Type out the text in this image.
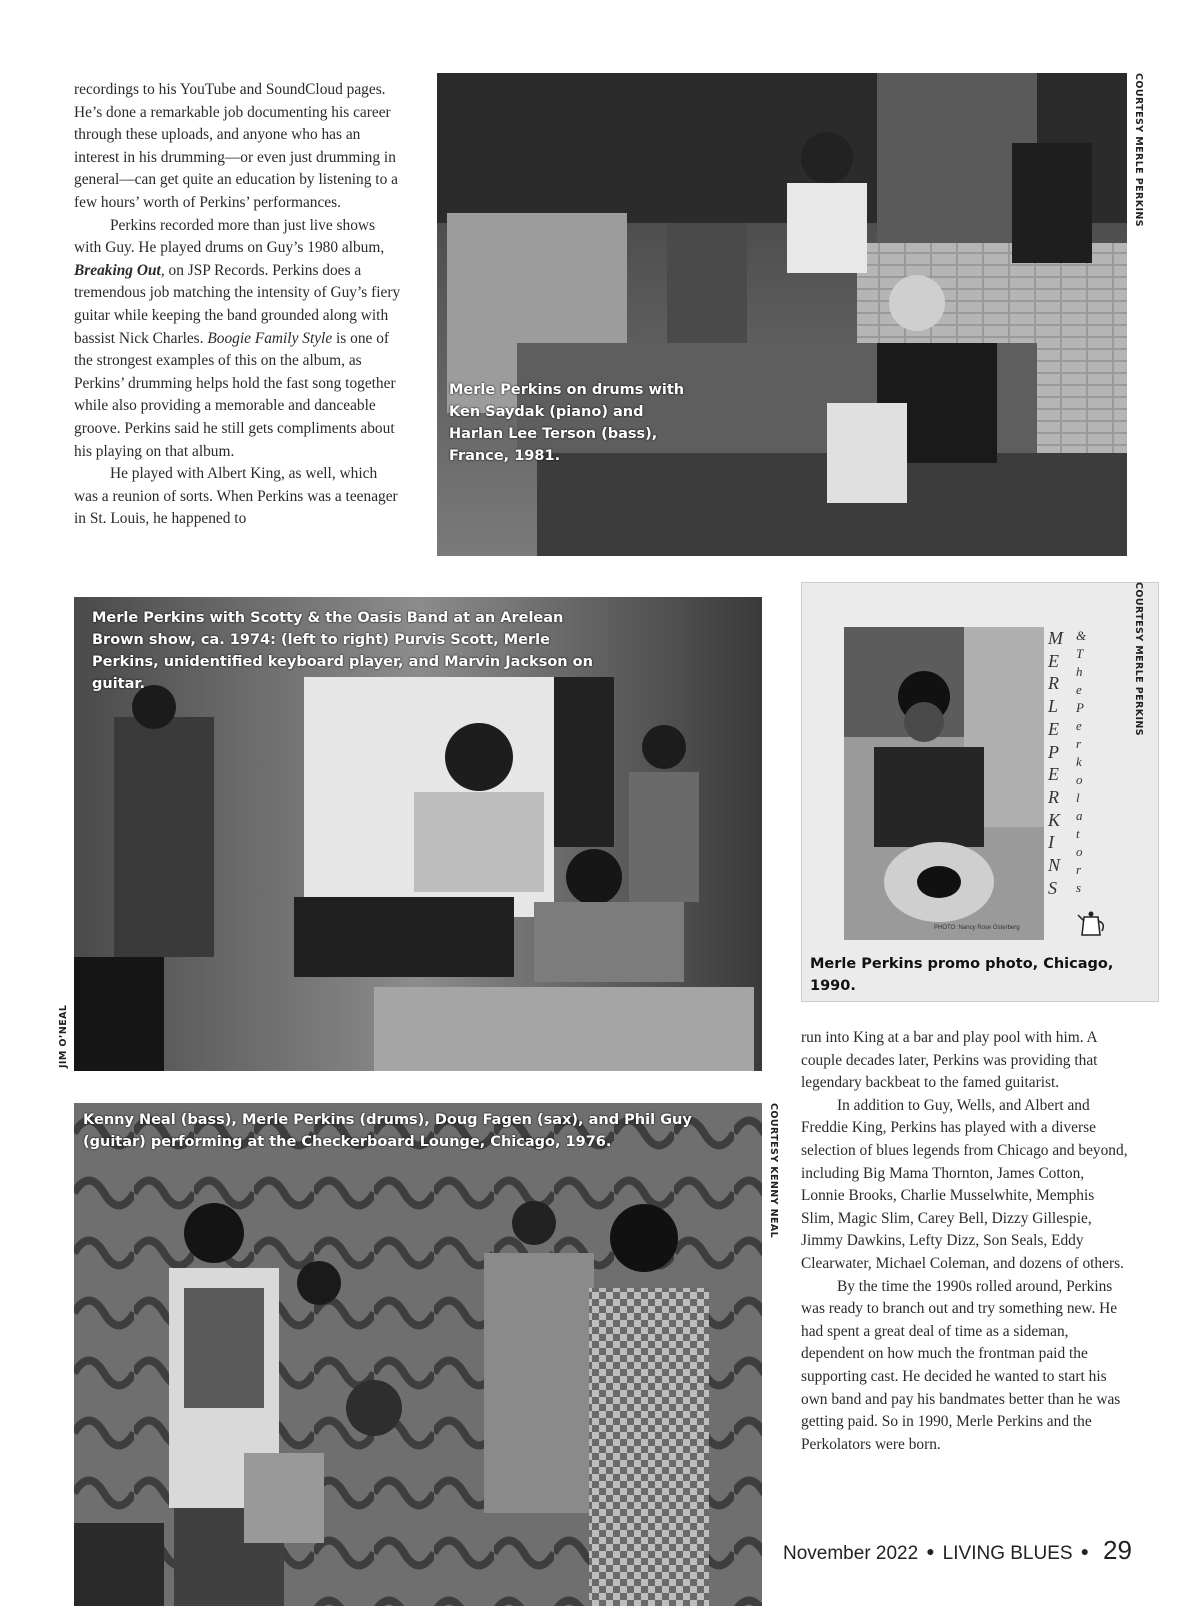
recordings to his YouTube and SoundCloud pages. He’s done a remarkable job documenting his career through these uploads, and anyone who has an interest in his drumming—or even just drumming in general—can get quite an education by listening to a few hours’ worth of Perkins’ performances.

Perkins recorded more than just live shows with Guy. He played drums on Guy’s 1980 album, Breaking Out, on JSP Records. Perkins does a tremendous job matching the intensity of Guy’s fiery guitar while keeping the band grounded along with bassist Nick Charles. Boogie Family Style is one of the strongest examples of this on the album, as Perkins’ drumming helps hold the fast song together while also providing a memorable and danceable groove. Perkins said he still gets compliments about his playing on that album.

He played with Albert King, as well, which was a reunion of sorts. When Perkins was a teenager in St. Louis, he happened to

Merle Perkins on drums with Ken Saydak (piano) and Harlan Lee Terson (bass), France, 1981.
COURTESY MERLE PERKINS
Merle Perkins with Scotty & the Oasis Band at an Arelean Brown show, ca. 1974: (left to right) Purvis Scott, Merle Perkins, unidentified keyboard player, and Marvin Jackson on guitar.
JIM O’NEAL
PHOTO: Nancy Rose Osterberg
MERLE PERKINS
& The Perkolators
Merle Perkins promo photo, Chicago, 1990.
COURTESY MERLE PERKINS

run into King at a bar and play pool with him. A couple decades later, Perkins was providing that legendary backbeat to the famed guitarist.

In addition to Guy, Wells, and Albert and Freddie King, Perkins has played with a diverse selection of blues legends from Chicago and beyond, including Big Mama Thornton, James Cotton, Lonnie Brooks, Charlie Musselwhite, Memphis Slim, Magic Slim, Carey Bell, Dizzy Gillespie, Jimmy Dawkins, Lefty Dizz, Son Seals, Eddy Clearwater, Michael Coleman, and dozens of others.

By the time the 1990s rolled around, Perkins was ready to branch out and try something new. He had spent a great deal of time as a sideman, dependent on how much the frontman paid the supporting cast. He decided he wanted to start his own band and pay his bandmates better than he was getting paid. So in 1990, Merle Perkins and the Perkolators were born.

Kenny Neal (bass), Merle Perkins (drums), Doug Fagen (sax), and Phil Guy (guitar) performing at the Checkerboard Lounge, Chicago, 1976.	COURTESY KENNY NEAL
November 2022 ● LIVING BLUES ● 29
